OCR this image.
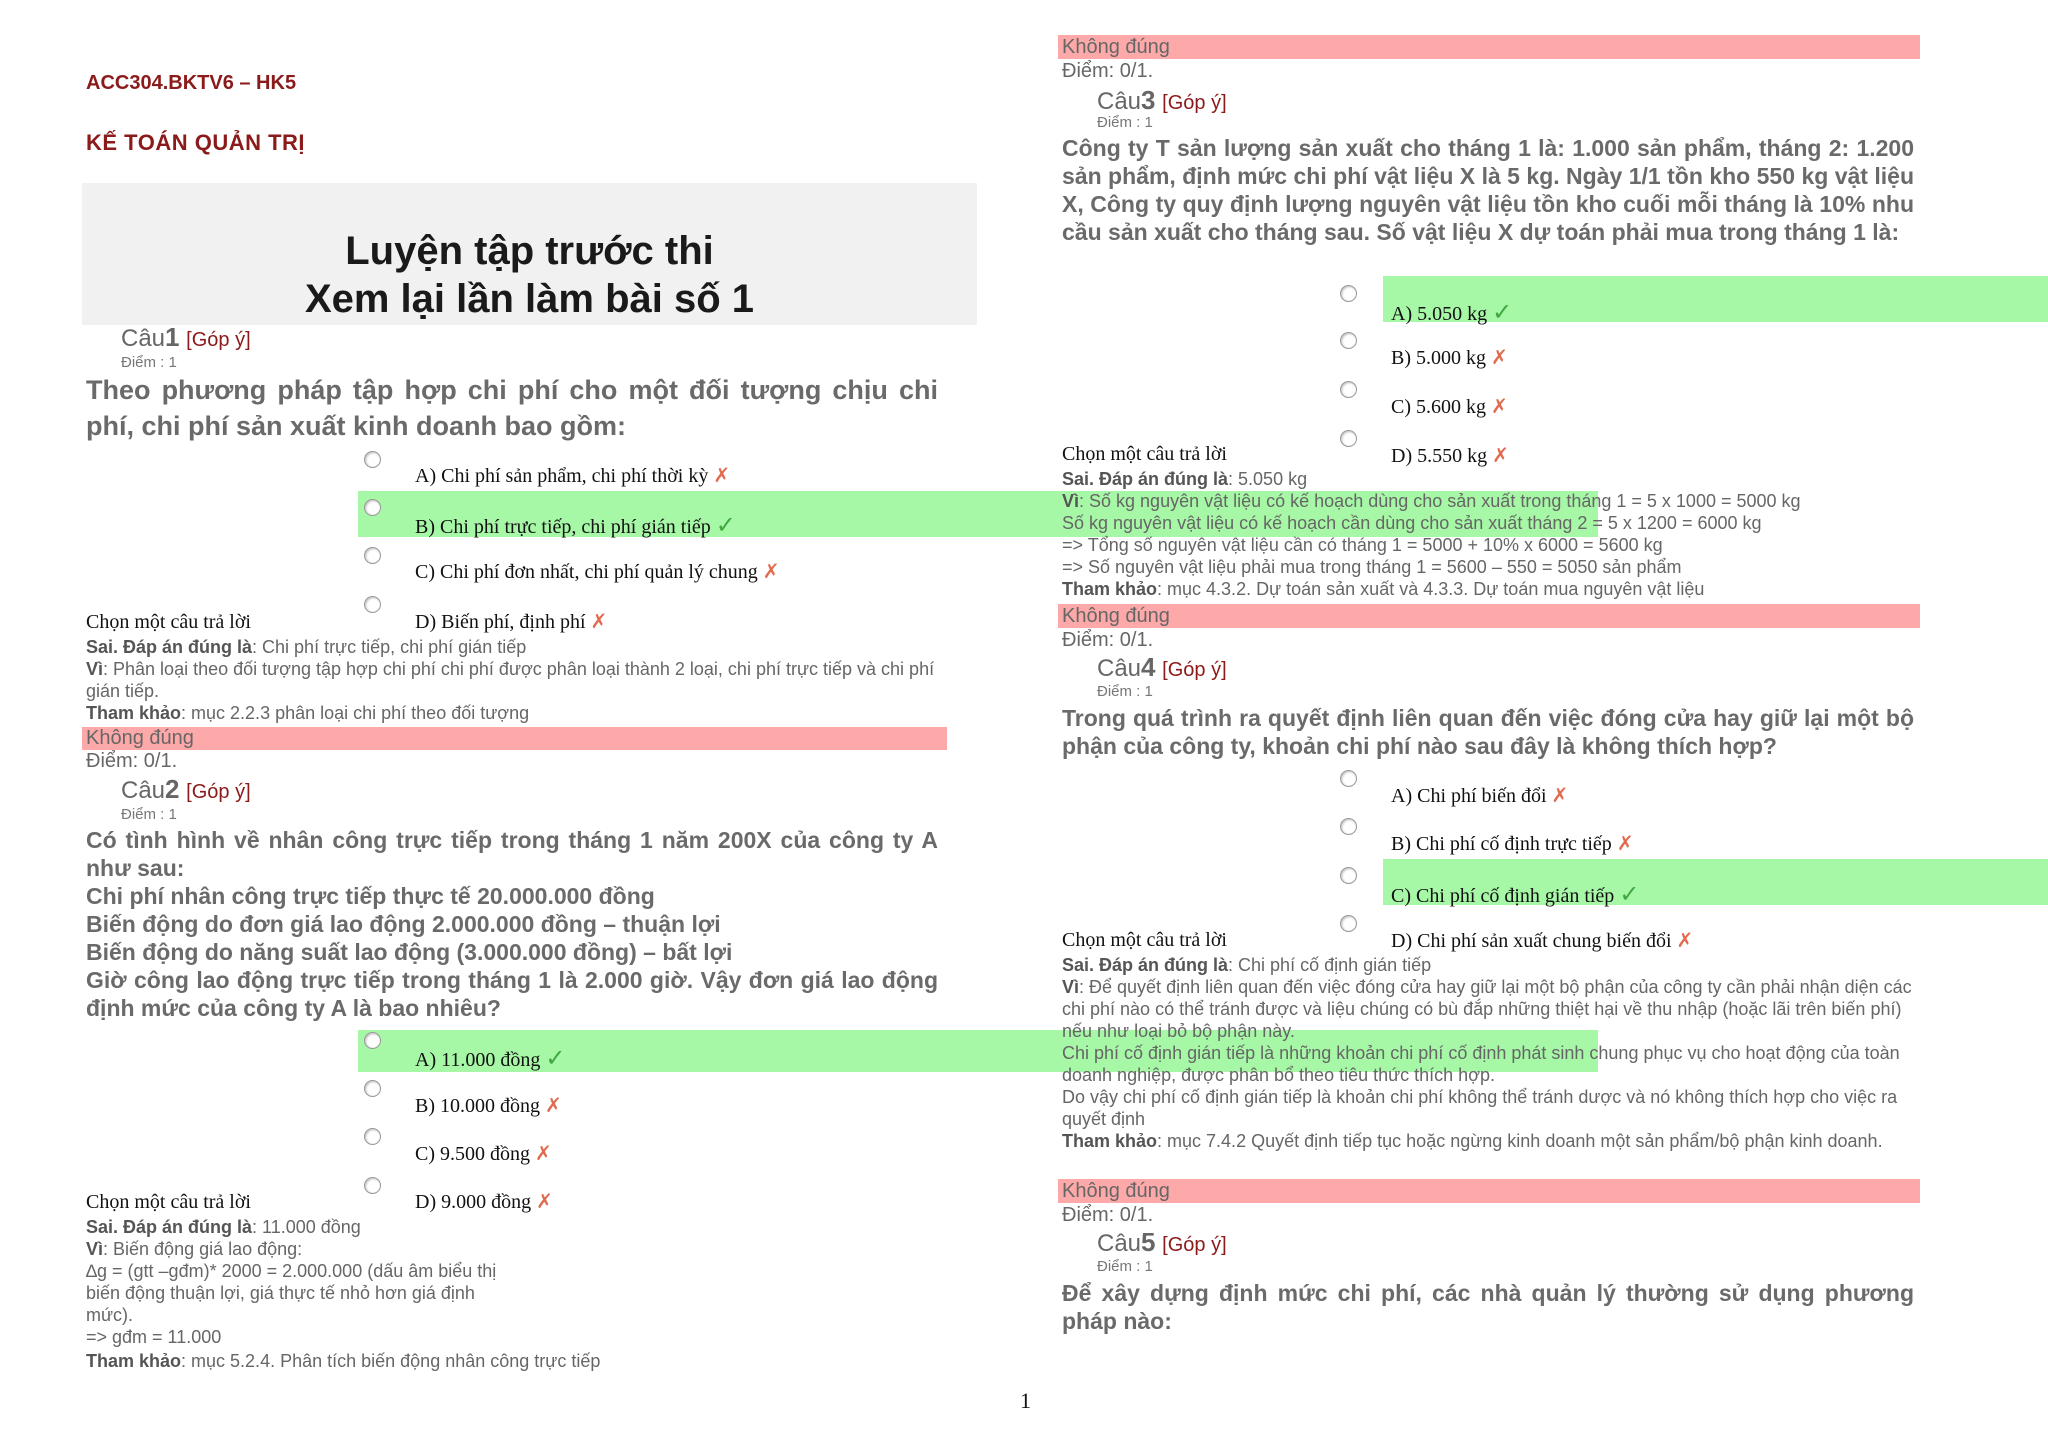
ACC304.BKTV6 – HK5
KẾ TOÁN QUẢN TRỊ
Luyện tập trước thi
Xem lại lần làm bài số 1
Câu1 [Góp ý]
Điểm : 1
Theo phương pháp tập hợp chi phí cho một đối tượng chịu chi phí, chi phí sản xuất kinh doanh bao gồm:
A) Chi phí sản phẩm, chi phí thời kỳ ✗
B) Chi phí trực tiếp, chi phí gián tiếp ✓
C) Chi phí đơn nhất, chi phí quản lý chung ✗
D) Biến phí, định phí ✗
Chọn một câu trả lời
Sai. Đáp án đúng là: Chi phí trực tiếp, chi phí gián tiếp
Vì: Phân loại theo đối tượng tập hợp chi phí chi phí được phân loại thành 2 loại, chi phí trực tiếp và chi phí gián tiếp.
Tham khảo: mục 2.2.3 phân loại chi phí theo đối tượng
Không đúng
Điểm: 0/1.
Câu2 [Góp ý]
Điểm : 1
Có tình hình về nhân công trực tiếp trong tháng 1 năm 200X của công ty A như sau:
Chi phí nhân công trực tiếp thực tế 20.000.000 đồng
Biến động do đơn giá lao động 2.000.000 đồng – thuận lợi
Biến động do năng suất lao động (3.000.000 đồng) – bất lợi
Giờ công lao động trực tiếp trong tháng 1 là 2.000 giờ. Vậy đơn giá lao động định mức của công ty A là bao nhiêu?
A) 11.000 đồng ✓
B) 10.000 đồng ✗
C) 9.500 đồng ✗
D) 9.000 đồng ✗
Chọn một câu trả lời
Sai. Đáp án đúng là: 11.000 đồng
Vì: Biến động giá lao động:
∆g = (gtt –gđm)* 2000 = 2.000.000 (dấu âm biểu thị biến động thuận lợi, giá thực tế nhỏ hơn giá định mức).
=> gđm = 11.000
Tham khảo: mục 5.2.4. Phân tích biến động nhân công trực tiếp
Không đúng
Điểm: 0/1.
Câu3 [Góp ý]
Điểm : 1
Công ty T sản lượng sản xuất cho tháng 1 là: 1.000 sản phẩm, tháng 2: 1.200 sản phẩm, định mức chi phí vật liệu X là 5 kg. Ngày 1/1 tồn kho 550 kg vật liệu X, Công ty quy định lượng nguyên vật liệu tồn kho cuối mỗi tháng là 10% nhu cầu sản xuất cho tháng sau. Số vật liệu X dự toán phải mua trong tháng 1 là:
A) 5.050 kg ✓
B) 5.000 kg ✗
C) 5.600 kg ✗
D) 5.550 kg ✗
Chọn một câu trả lời
Sai. Đáp án đúng là: 5.050 kg
Vì: Số kg nguyên vật liệu có kế hoạch dùng cho sản xuất trong tháng 1 = 5 x 1000 = 5000 kg
Số kg nguyên vật liệu có kế hoạch cần dùng cho sản xuất tháng 2 = 5 x 1200 = 6000 kg
=> Tổng số nguyên vật liệu cần có tháng 1 = 5000 + 10% x 6000 = 5600 kg
=> Số nguyên vật liệu phải mua trong tháng 1 = 5600 – 550 = 5050 sản phẩm
Tham khảo: mục 4.3.2. Dự toán sản xuất và 4.3.3. Dự toán mua nguyên vật liệu
Không đúng
Điểm: 0/1.
Câu4 [Góp ý]
Điểm : 1
Trong quá trình ra quyết định liên quan đến việc đóng cửa hay giữ lại một bộ phận của công ty, khoản chi phí nào sau đây là không thích hợp?
A) Chi phí biến đổi ✗
B) Chi phí cố định trực tiếp ✗
C) Chi phí cố định gián tiếp ✓
D) Chi phí sản xuất chung biến đổi ✗
Chọn một câu trả lời
Sai. Đáp án đúng là: Chi phí cố định gián tiếp
Vì: Để quyết định liên quan đến việc đóng cửa hay giữ lại một bộ phận của công ty cần phải nhận diện các chi phí nào có thể tránh được và liệu chúng có bù đắp những thiệt hại về thu nhập (hoặc lãi trên biến phí) nếu như loại bỏ bộ phận này.
Chi phí cố định gián tiếp là những khoản chi phí cố định phát sinh chung phục vụ cho hoạt động của toàn doanh nghiệp, được phân bổ theo tiêu thức thích hợp.
Do vậy chi phí cố định gián tiếp là khoản chi phí không thể tránh dược và nó không thích hợp cho việc ra quyết định
Tham khảo: mục 7.4.2 Quyết định tiếp tục hoặc ngừng kinh doanh một sản phẩm/bộ phận kinh doanh.
Không đúng
Điểm: 0/1.
Câu5 [Góp ý]
Điểm : 1
Để xây dựng định mức chi phí, các nhà quản lý thường sử dụng phương pháp nào:
1
